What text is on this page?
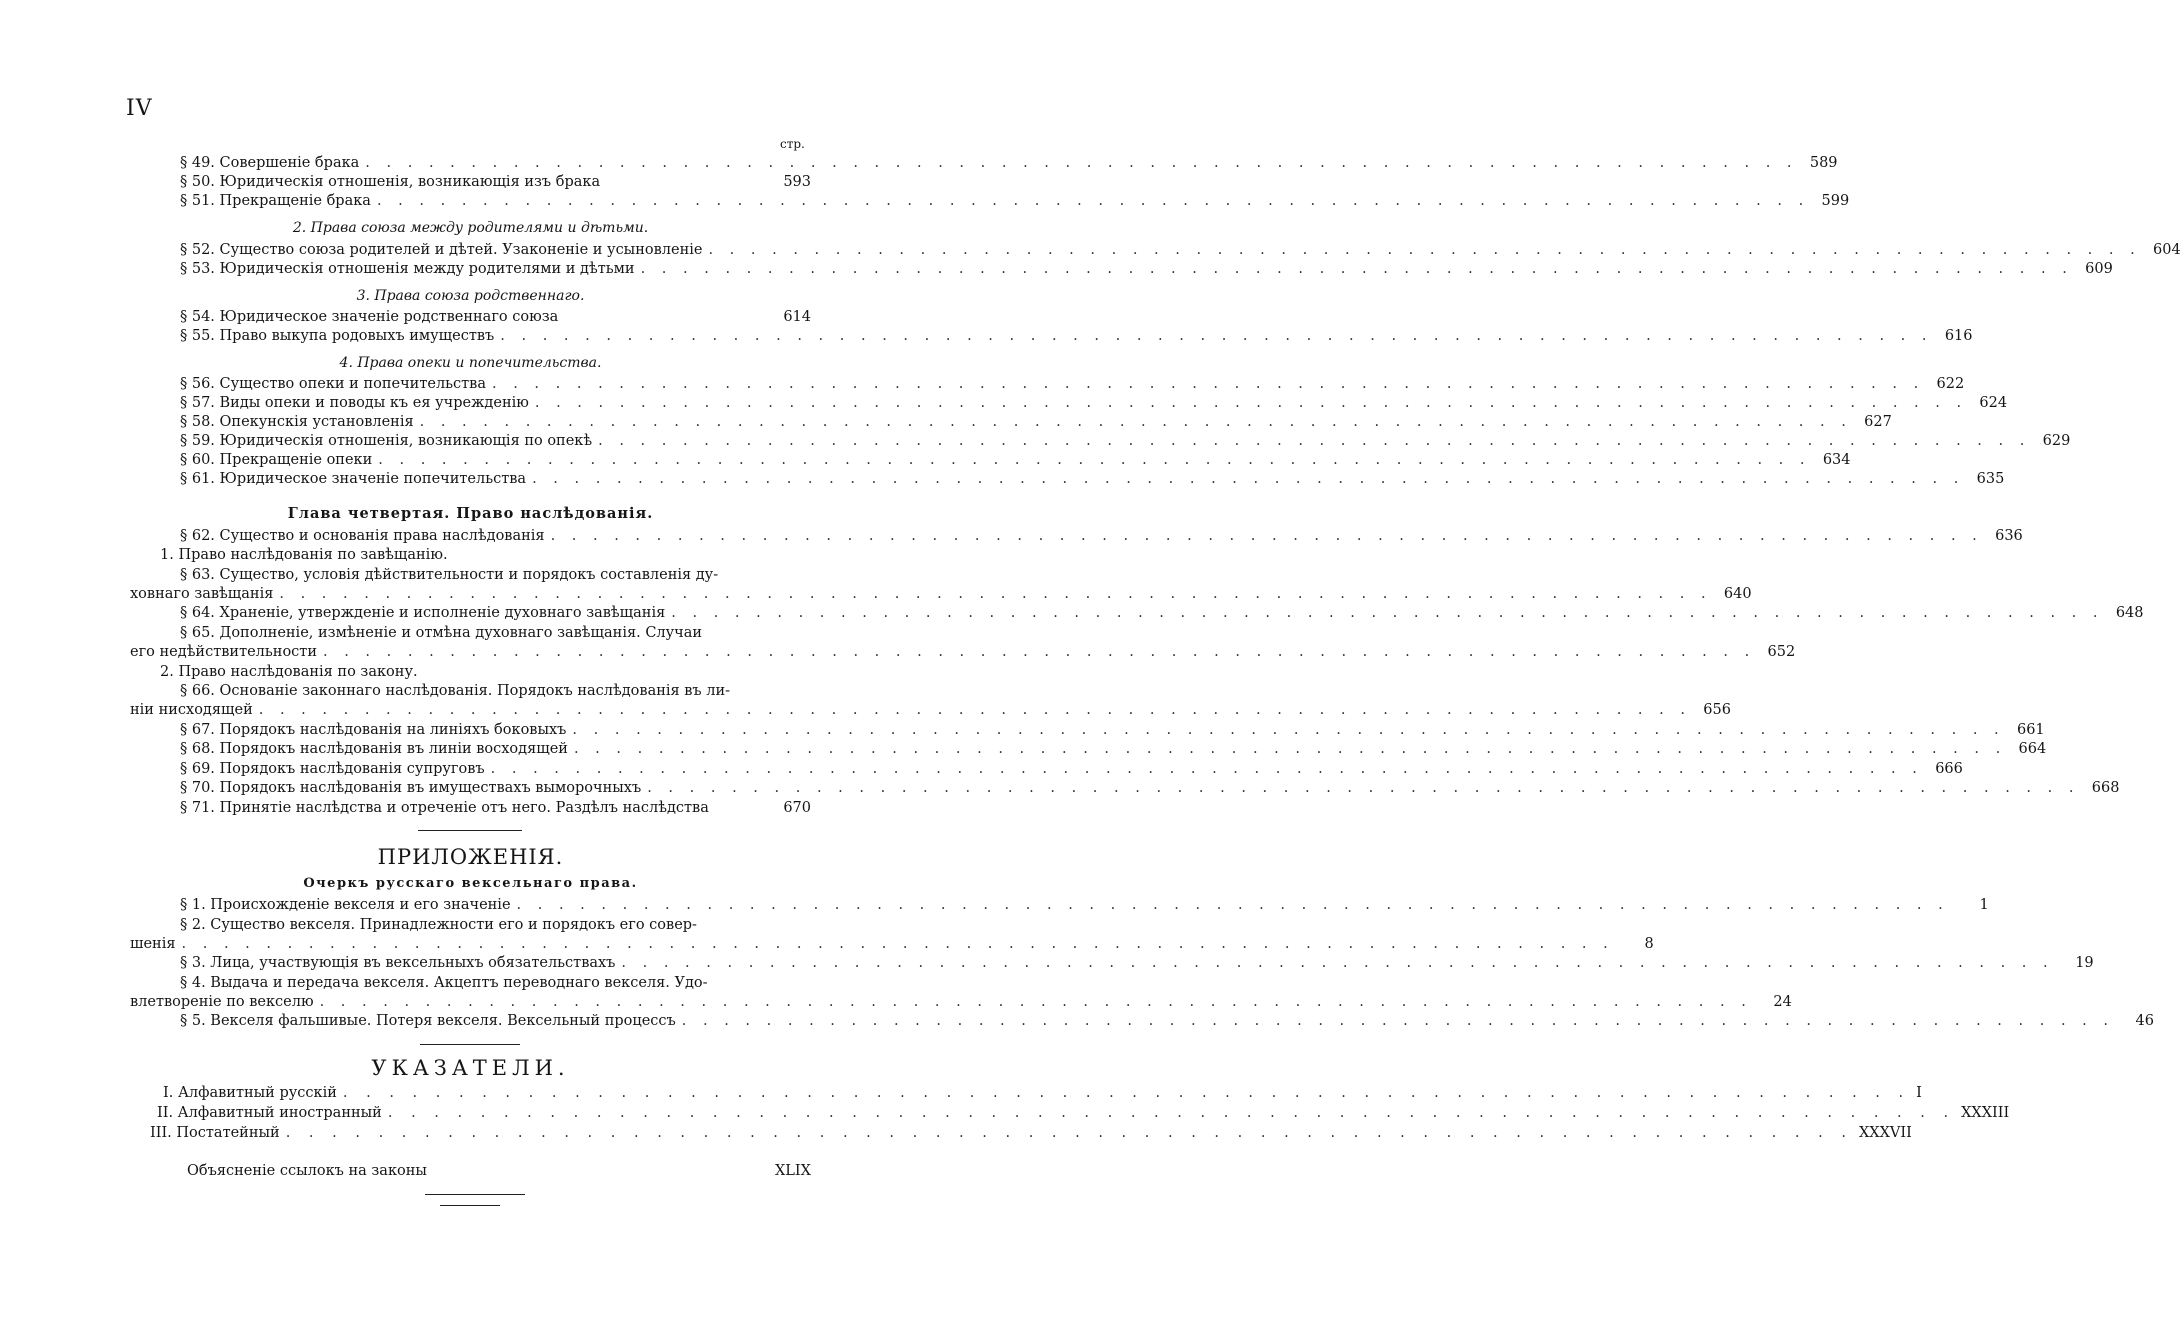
IV
стр.
§ 49. Совершеніе брака . . . . . . . . . . . . . . . . . . . . . . . . . . . . . . . . . . . . . . . . . . . . . . . . . . . . . . . . . . . . . . . . . . . . 589
§ 50. Юридическія отношенія, возникающія изъ брака	593
§ 51. Прекращеніе брака . . . . . . . . . . . . . . . . . . . . . . . . . . . . . . . . . . . . . . . . . . . . . . . . . . . . . . . . . . . . . . . . . . . . 599
2. Права союза между родителями и дѣтьми.
§ 52. Существо союза родителей и дѣтей. Узаконеніе и усыновленіе . . . . . . . . . . . . . . . . . . . . . . . . . . . . . . . . . . . . . . . . . . . . . . . . . . . . . . . . . . . . . . . . . . . . 604
§ 53. Юридическія отношенія между родителями и дѣтьми . . . . . . . . . . . . . . . . . . . . . . . . . . . . . . . . . . . . . . . . . . . . . . . . . . . . . . . . . . . . . . . . . . . . 609
3. Права союза родственнаго.
§ 54. Юридическое значеніе родственнаго союза	614
§ 55. Право выкупа родовыхъ имуществъ . . . . . . . . . . . . . . . . . . . . . . . . . . . . . . . . . . . . . . . . . . . . . . . . . . . . . . . . . . . . . . . . . . . . 616
4. Права опеки и попечительства.
§ 56. Существо опеки и попечительства . . . . . . . . . . . . . . . . . . . . . . . . . . . . . . . . . . . . . . . . . . . . . . . . . . . . . . . . . . . . . . . . . . . . 622
§ 57. Виды опеки и поводы къ ея учрежденію . . . . . . . . . . . . . . . . . . . . . . . . . . . . . . . . . . . . . . . . . . . . . . . . . . . . . . . . . . . . . . . . . . . . 624
§ 58. Опекунскія установленія . . . . . . . . . . . . . . . . . . . . . . . . . . . . . . . . . . . . . . . . . . . . . . . . . . . . . . . . . . . . . . . . . . . . 627
§ 59. Юридическія отношенія, возникающія по опекѣ . . . . . . . . . . . . . . . . . . . . . . . . . . . . . . . . . . . . . . . . . . . . . . . . . . . . . . . . . . . . . . . . . . . . 629
§ 60. Прекращеніе опеки . . . . . . . . . . . . . . . . . . . . . . . . . . . . . . . . . . . . . . . . . . . . . . . . . . . . . . . . . . . . . . . . . . . . 634
§ 61. Юридическое значеніе попечительства . . . . . . . . . . . . . . . . . . . . . . . . . . . . . . . . . . . . . . . . . . . . . . . . . . . . . . . . . . . . . . . . . . . . 635
Глава четвертая. Право наслѣдованія.
§ 62. Существо и основанія права наслѣдованія . . . . . . . . . . . . . . . . . . . . . . . . . . . . . . . . . . . . . . . . . . . . . . . . . . . . . . . . . . . . . . . . . . . . 636
1. Право наслѣдованія по завѣщанію.
§ 63. Существо, условія дѣйствительности и порядокъ составленія ду-
ховнаго завѣщанія . . . . . . . . . . . . . . . . . . . . . . . . . . . . . . . . . . . . . . . . . . . . . . . . . . . . . . . . . . . . . . . . . . . . 640
§ 64. Храненіе, утвержденіе и исполненіе духовнаго завѣщанія . . . . . . . . . . . . . . . . . . . . . . . . . . . . . . . . . . . . . . . . . . . . . . . . . . . . . . . . . . . . . . . . . . . . 648
§ 65. Дополненіе, измѣненіе и отмѣна духовнаго завѣщанія. Случаи
его недѣйствительности . . . . . . . . . . . . . . . . . . . . . . . . . . . . . . . . . . . . . . . . . . . . . . . . . . . . . . . . . . . . . . . . . . . . 652
2. Право наслѣдованія по закону.
§ 66. Основаніе законнаго наслѣдованія. Порядокъ наслѣдованія въ ли-
ніи нисходящей . . . . . . . . . . . . . . . . . . . . . . . . . . . . . . . . . . . . . . . . . . . . . . . . . . . . . . . . . . . . . . . . . . . . 656
§ 67. Порядокъ наслѣдованія на линіяхъ боковыхъ . . . . . . . . . . . . . . . . . . . . . . . . . . . . . . . . . . . . . . . . . . . . . . . . . . . . . . . . . . . . . . . . . . . . 661
§ 68. Порядокъ наслѣдованія въ линіи восходящей . . . . . . . . . . . . . . . . . . . . . . . . . . . . . . . . . . . . . . . . . . . . . . . . . . . . . . . . . . . . . . . . . . . . 664
§ 69. Порядокъ наслѣдованія супруговъ . . . . . . . . . . . . . . . . . . . . . . . . . . . . . . . . . . . . . . . . . . . . . . . . . . . . . . . . . . . . . . . . . . . . 666
§ 70. Порядокъ наслѣдованія въ имуществахъ выморочныхъ . . . . . . . . . . . . . . . . . . . . . . . . . . . . . . . . . . . . . . . . . . . . . . . . . . . . . . . . . . . . . . . . . . . . 668
§ 71. Принятіе наслѣдства и отреченіе отъ него. Раздѣлъ наслѣдства	670
ПРИЛОЖЕНІЯ.
Очеркъ русскаго вексельнаго права.
§ 1. Происхожденіе векселя и его значеніе . . . . . . . . . . . . . . . . . . . . . . . . . . . . . . . . . . . . . . . . . . . . . . . . . . . . . . . . . . . . . . . . . . . .	1
§ 2. Существо векселя. Принадлежности его и порядокъ его совер-
шенія . . . . . . . . . . . . . . . . . . . . . . . . . . . . . . . . . . . . . . . . . . . . . . . . . . . . . . . . . . . . . . . . . . . .	8
§ 3. Лица, участвующія въ вексельныхъ обязательствахъ . . . . . . . . . . . . . . . . . . . . . . . . . . . . . . . . . . . . . . . . . . . . . . . . . . . . . . . . . . . . . . . . . . . .	19
§ 4. Выдача и передача векселя. Акцептъ переводнаго векселя. Удо-
влетвореніе по векселю . . . . . . . . . . . . . . . . . . . . . . . . . . . . . . . . . . . . . . . . . . . . . . . . . . . . . . . . . . . . . . . . . . . .	24
§ 5. Векселя фальшивые. Потеря векселя. Вексельный процессъ . . . . . . . . . . . . . . . . . . . . . . . . . . . . . . . . . . . . . . . . . . . . . . . . . . . . . . . . . . . . . . . . . . . .	46
УКАЗАТЕЛИ.
I. Алфавитный русскій . . . . . . . . . . . . . . . . . . . . . . . . . . . . . . . . . . . . . . . . . . . . . . . . . . . . . . . . . . . . . . . . . . . . I
II. Алфавитный иностранный . . . . . . . . . . . . . . . . . . . . . . . . . . . . . . . . . . . . . . . . . . . . . . . . . . . . . . . . . . . . . . . . . . . . XXXIII
III. Постатейный . . . . . . . . . . . . . . . . . . . . . . . . . . . . . . . . . . . . . . . . . . . . . . . . . . . . . . . . . . . . . . . . . . . . XXXVII
Объясненіе ссылокъ на законы	XLIX
